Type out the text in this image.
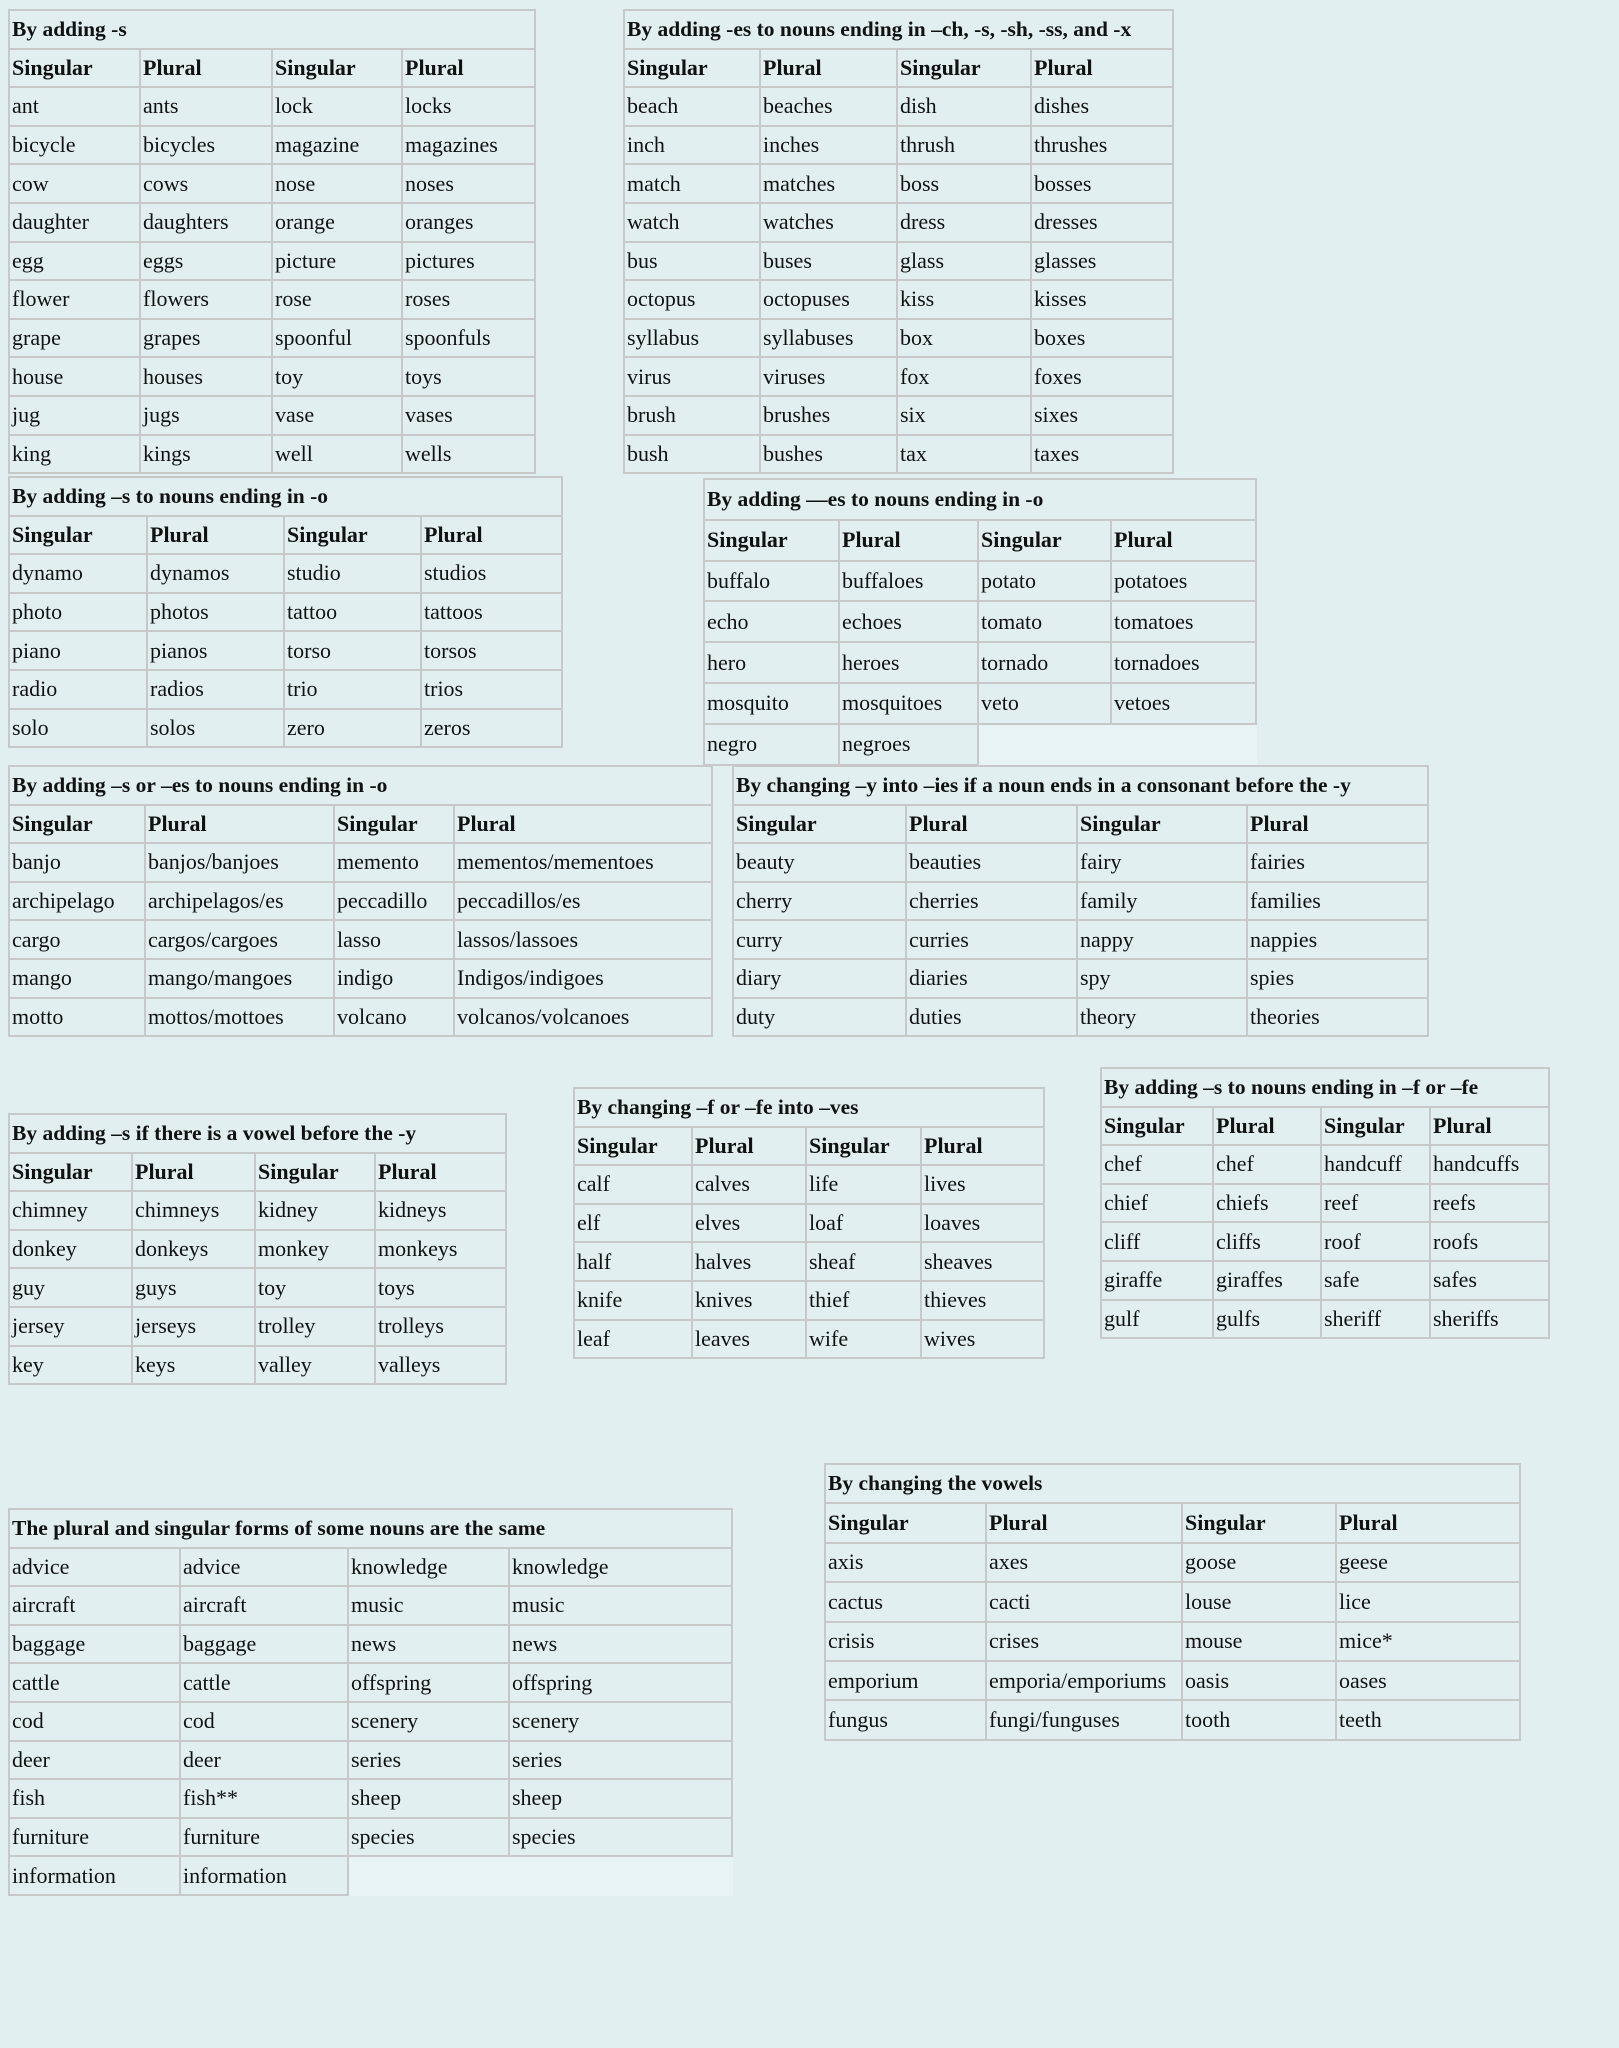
By adding -s			
Singular	Plural	Singular	Plural
ant	ants	lock	locks
bicycle	bicycles	magazine	magazines
cow	cows	nose	noses
daughter	daughters	orange	oranges
egg	eggs	picture	pictures
flower	flowers	rose	roses
grape	grapes	spoonful	spoonfuls
house	houses	toy	toys
jug	jugs	vase	vases
king	kings	well	wells
By adding -es to nouns ending in –ch, -s, -sh, -ss, and -x			
Singular	Plural	Singular	Plural
beach	beaches	dish	dishes
inch	inches	thrush	thrushes
match	matches	boss	bosses
watch	watches	dress	dresses
bus	buses	glass	glasses
octopus	octopuses	kiss	kisses
syllabus	syllabuses	box	boxes
virus	viruses	fox	foxes
brush	brushes	six	sixes
bush	bushes	tax	taxes
By adding –s to nouns ending in -o			
Singular	Plural	Singular	Plural
dynamo	dynamos	studio	studios
photo	photos	tattoo	tattoos
piano	pianos	torso	torsos
radio	radios	trio	trios
solo	solos	zero	zeros
By adding —es to nouns ending in -o			
Singular	Plural	Singular	Plural
buffalo	buffaloes	potato	potatoes
echo	echoes	tomato	tomatoes
hero	heroes	tornado	tornadoes
mosquito	mosquitoes	veto	vetoes
negro	negroes		
By adding –s or –es to nouns ending in -o			
Singular	Plural	Singular	Plural
banjo	banjos/banjoes	memento	mementos/mementoes
archipelago	archipelagos/es	peccadillo	peccadillos/es
cargo	cargos/cargoes	lasso	lassos/lassoes
mango	mango/mangoes	indigo	Indigos/indigoes
motto	mottos/mottoes	volcano	volcanos/volcanoes
By changing –y into –ies if a noun ends in a consonant before the -y			
Singular	Plural	Singular	Plural
beauty	beauties	fairy	fairies
cherry	cherries	family	families
curry	curries	nappy	nappies
diary	diaries	spy	spies
duty	duties	theory	theories
By adding –s if there is a vowel before the -y			
Singular	Plural	Singular	Plural
chimney	chimneys	kidney	kidneys
donkey	donkeys	monkey	monkeys
guy	guys	toy	toys
jersey	jerseys	trolley	trolleys
key	keys	valley	valleys
By changing –f or –fe into –ves			
Singular	Plural	Singular	Plural
calf	calves	life	lives
elf	elves	loaf	loaves
half	halves	sheaf	sheaves
knife	knives	thief	thieves
leaf	leaves	wife	wives
By adding –s to nouns ending in –f or –fe			
Singular	Plural	Singular	Plural
chef	chef	handcuff	handcuffs
chief	chiefs	reef	reefs
cliff	cliffs	roof	roofs
giraffe	giraffes	safe	safes
gulf	gulfs	sheriff	sheriffs
By changing the vowels			
Singular	Plural	Singular	Plural
axis	axes	goose	geese
cactus	cacti	louse	lice
crisis	crises	mouse	mice*
emporium	emporia/emporiums	oasis	oases
fungus	fungi/funguses	tooth	teeth
The plural and singular forms of some nouns are the same			
advice	advice	knowledge	knowledge
aircraft	aircraft	music	music
baggage	baggage	news	news
cattle	cattle	offspring	offspring
cod	cod	scenery	scenery
deer	deer	series	series
fish	fish**	sheep	sheep
furniture	furniture	species	species
information	information		
